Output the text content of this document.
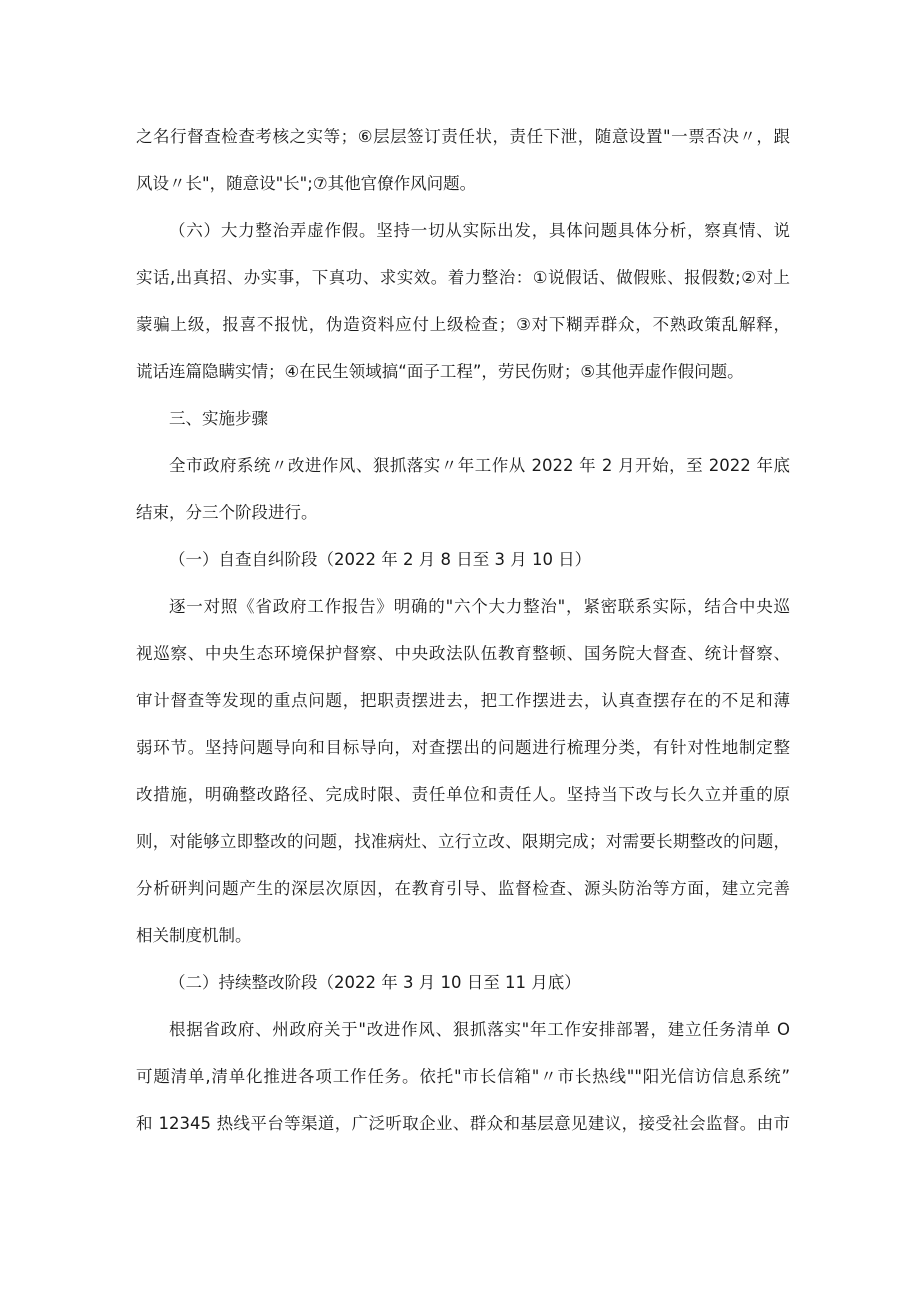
之名行督查检查考核之实等；⑥层层签订责任状，责任下泄，随意设置"一票否决〃，跟
风设〃长"，随意设"长";⑦其他官僚作风问题。
（六）大力整治弄虚作假。坚持一切从实际出发，具体问题具体分析，察真情、说
实话,出真招、办实事，下真功、求实效。着力整治：①说假话、做假账、报假数;②对上
蒙骗上级，报喜不报忧，伪造资料应付上级检查；③对下糊弄群众，不熟政策乱解释，
谎话连篇隐瞒实情；④在民生领域搞“面子工程”，劳民伤财；⑤其他弄虚作假问题。
三、实施步骤
全市政府系统〃改进作风、狠抓落实〃年工作从 2022 年 2 月开始，至 2022 年底
结束，分三个阶段进行。
（一）自查自纠阶段（2022 年 2 月 8 日至 3 月 10 日）
逐一对照《省政府工作报告》明确的"六个大力整治"，紧密联系实际，结合中央巡
视巡察、中央生态环境保护督察、中央政法队伍教育整顿、国务院大督查、统计督察、
审计督查等发现的重点问题，把职责摆进去，把工作摆进去，认真查摆存在的不足和薄
弱环节。坚持问题导向和目标导向，对查摆出的问题进行梳理分类，有针对性地制定整
改措施，明确整改路径、完成时限、责任单位和责任人。坚持当下改与长久立并重的原
则，对能够立即整改的问题，找准病灶、立行立改、限期完成；对需要长期整改的问题，
分析研判问题产生的深层次原因，在教育引导、监督检查、源头防治等方面，建立完善
相关制度机制。
（二）持续整改阶段（2022 年 3 月 10 日至 11 月底）
根据省政府、州政府关于"改进作风、狠抓落实"年工作安排部署，建立任务清单 O
可题清单,清单化推进各项工作任务。依托"市长信箱"〃市长热线""阳光信访信息系统”
和 12345 热线平台等渠道，广泛听取企业、群众和基层意见建议，接受社会监督。由市
